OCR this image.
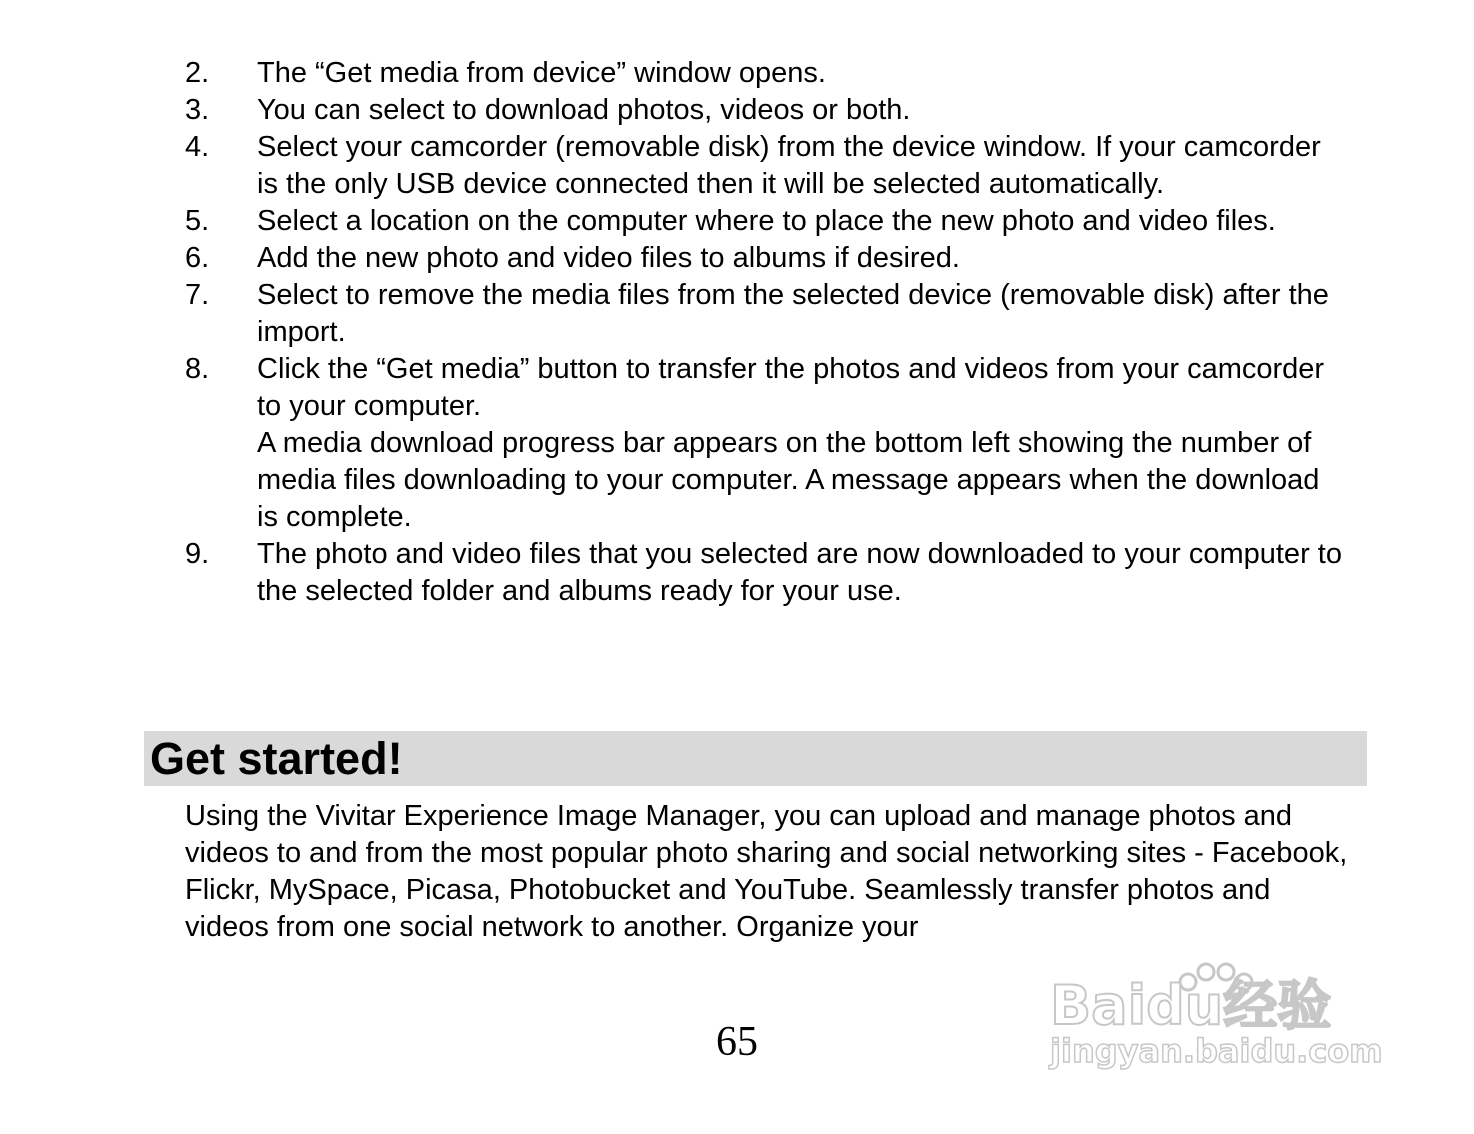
2.	The “Get media from device” window opens.
3.	You can select to download photos, videos or both.
4.	Select your camcorder (removable disk) from the device window. If your camcorder is the only USB device connected then it will be selected automatically.
5.	Select a location on the computer where to place the new photo and video files.
6.	Add the new photo and video files to albums if desired.
7.	Select to remove the media files from the selected device (removable disk) after the import.
8.	Click the “Get media” button to transfer the photos and videos from your camcorder to your computer.
A media download progress bar appears on the bottom left showing the number of media files downloading to your computer. A message appears when the download is complete.
9.	The photo and video files that you selected are now downloaded to your computer to the selected folder and albums ready for your use.
Get started!

Using the Vivitar Experience Image Manager, you can upload and manage photos and videos to and from the most popular photo sharing and social networking sites - Facebook, Flickr, MySpace, Picasa, Photobucket and YouTube. Seamlessly transfer photos and videos from one social network to another. Organize your

65
Baidu经验
jingyan.baidu.com
